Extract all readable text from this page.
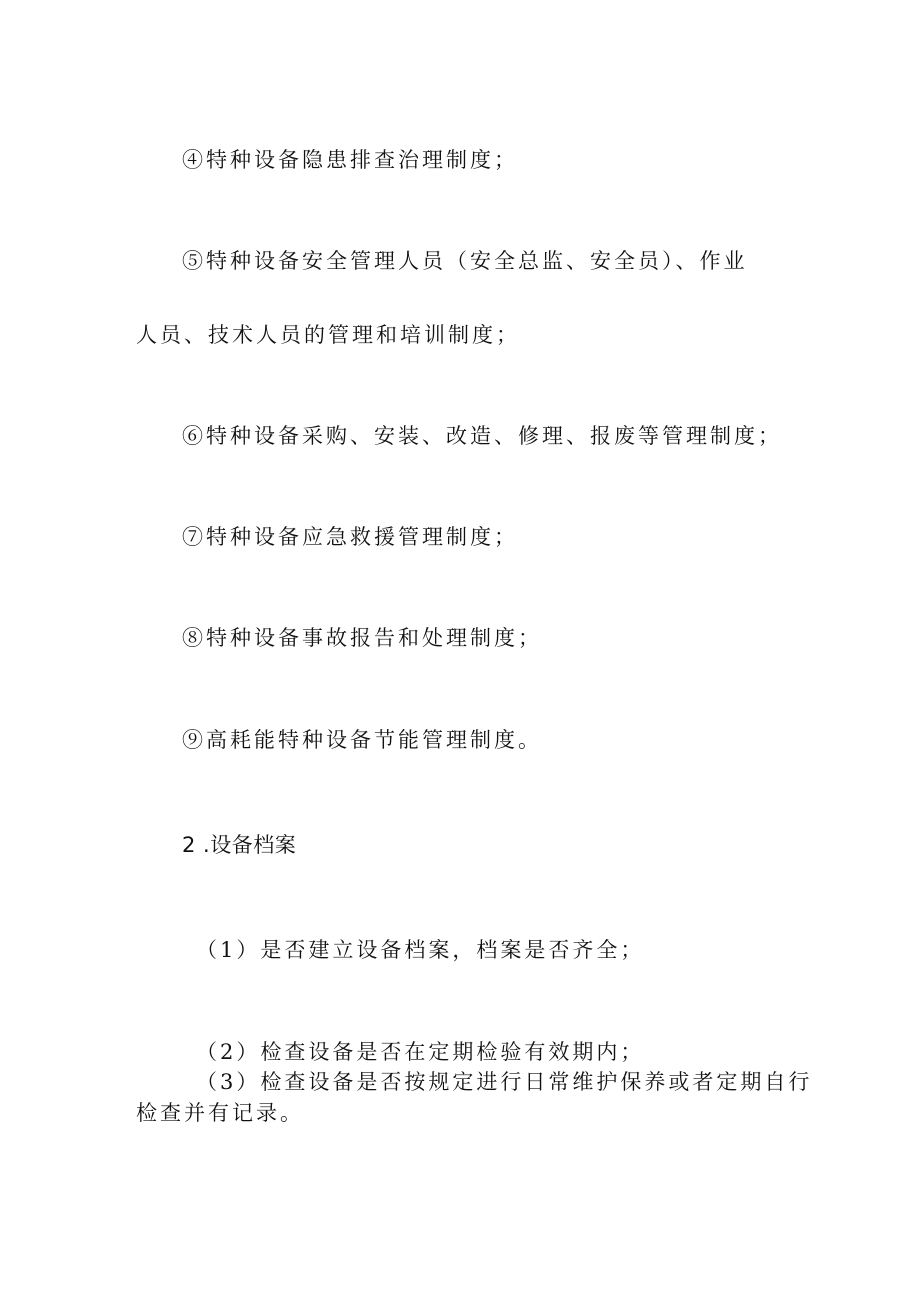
④特种设备隐患排查治理制度；
⑤特种设备安全管理人员（安全总监、安全员）、作业
人员、技术人员的管理和培训制度；
⑥特种设备采购、安装、改造、修理、报废等管理制度；
⑦特种设备应急救援管理制度；
⑧特种设备事故报告和处理制度；
⑨高耗能特种设备节能管理制度。
2 .设备档案
（1）是否建立设备档案，档案是否齐全；
（2）检查设备是否在定期检验有效期内；
（3）检查设备是否按规定进行日常维护保养或者定期自行
检查并有记录。
